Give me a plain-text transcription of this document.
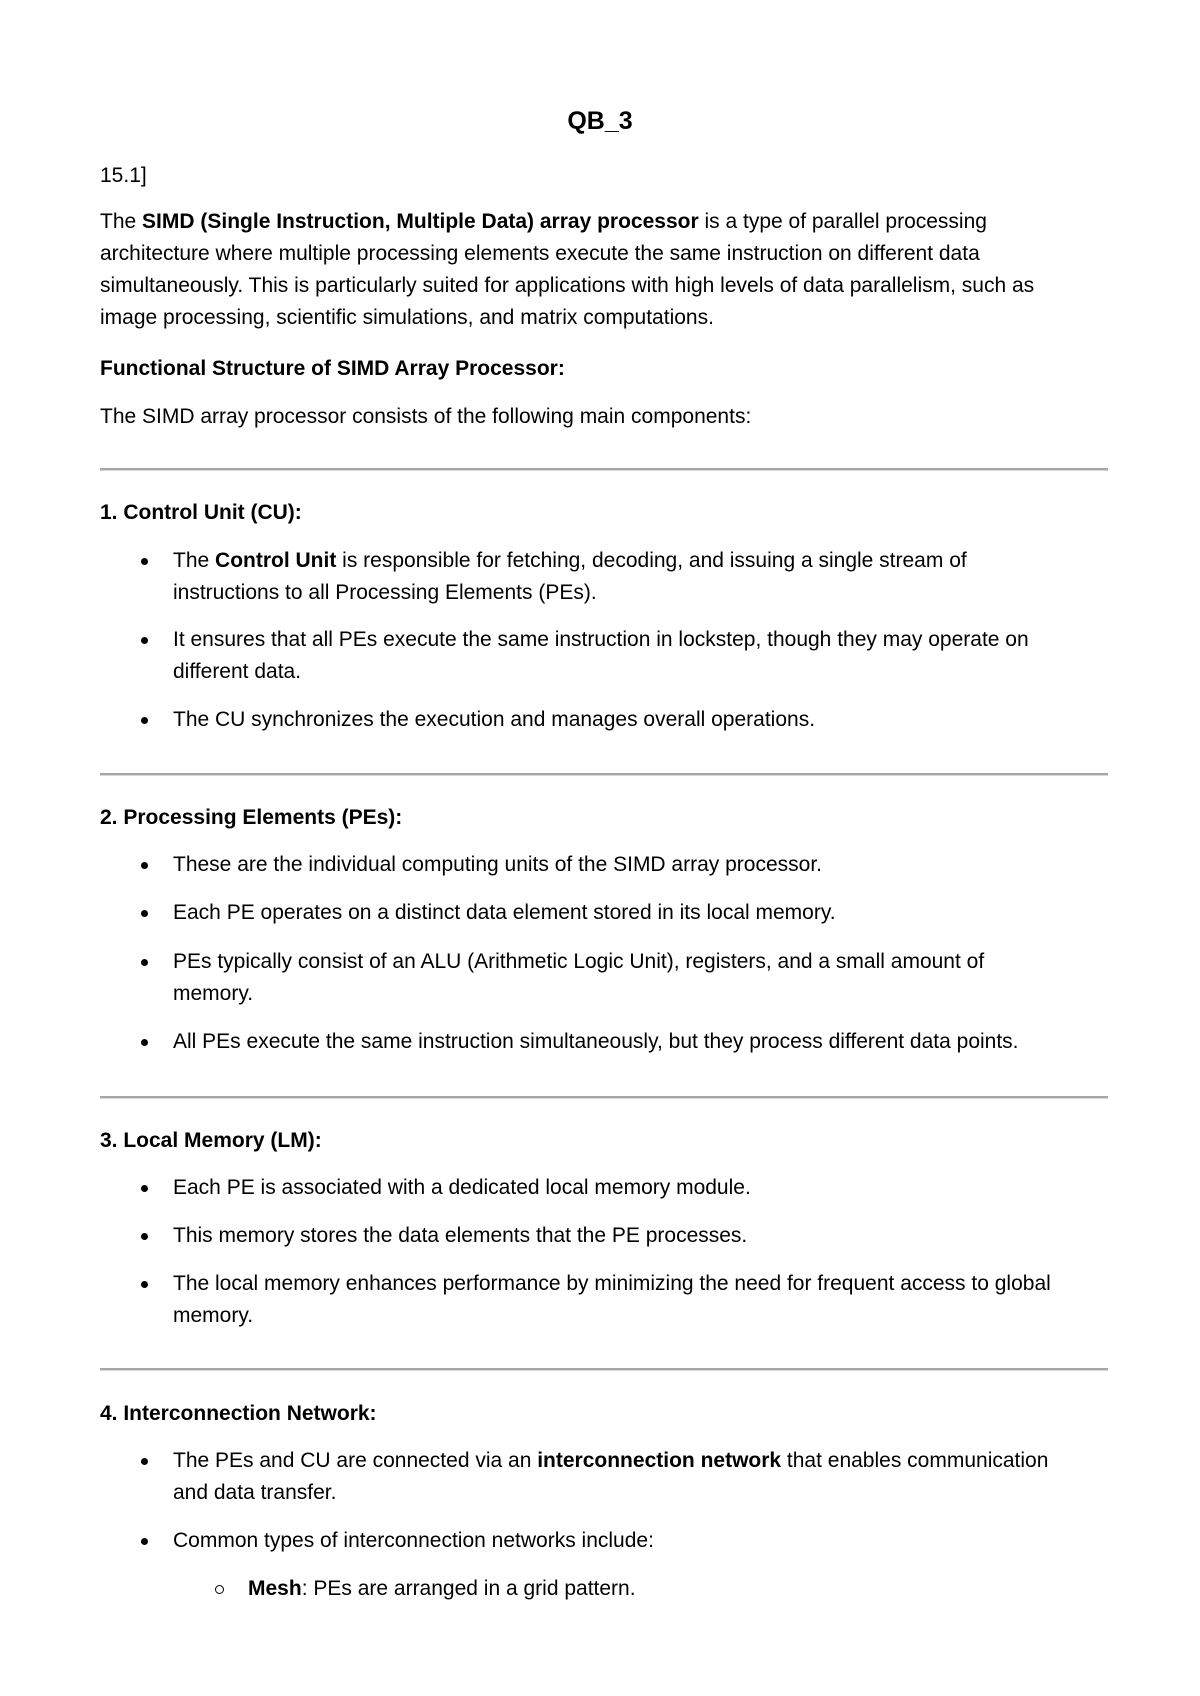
QB_3
15.1]
The SIMD (Single Instruction, Multiple Data) array processor is a type of parallel processing
architecture where multiple processing elements execute the same instruction on different data
simultaneously. This is particularly suited for applications with high levels of data parallelism, such as
image processing, scientific simulations, and matrix computations.
Functional Structure of SIMD Array Processor:
The SIMD array processor consists of the following main components:
1. Control Unit (CU):
The Control Unit is responsible for fetching, decoding, and issuing a single stream of
instructions to all Processing Elements (PEs).
It ensures that all PEs execute the same instruction in lockstep, though they may operate on
different data.
The CU synchronizes the execution and manages overall operations.
2. Processing Elements (PEs):
These are the individual computing units of the SIMD array processor.
Each PE operates on a distinct data element stored in its local memory.
PEs typically consist of an ALU (Arithmetic Logic Unit), registers, and a small amount of
memory.
All PEs execute the same instruction simultaneously, but they process different data points.
3. Local Memory (LM):
Each PE is associated with a dedicated local memory module.
This memory stores the data elements that the PE processes.
The local memory enhances performance by minimizing the need for frequent access to global
memory.
4. Interconnection Network:
The PEs and CU are connected via an interconnection network that enables communication
and data transfer.
Common types of interconnection networks include:
Mesh: PEs are arranged in a grid pattern.
